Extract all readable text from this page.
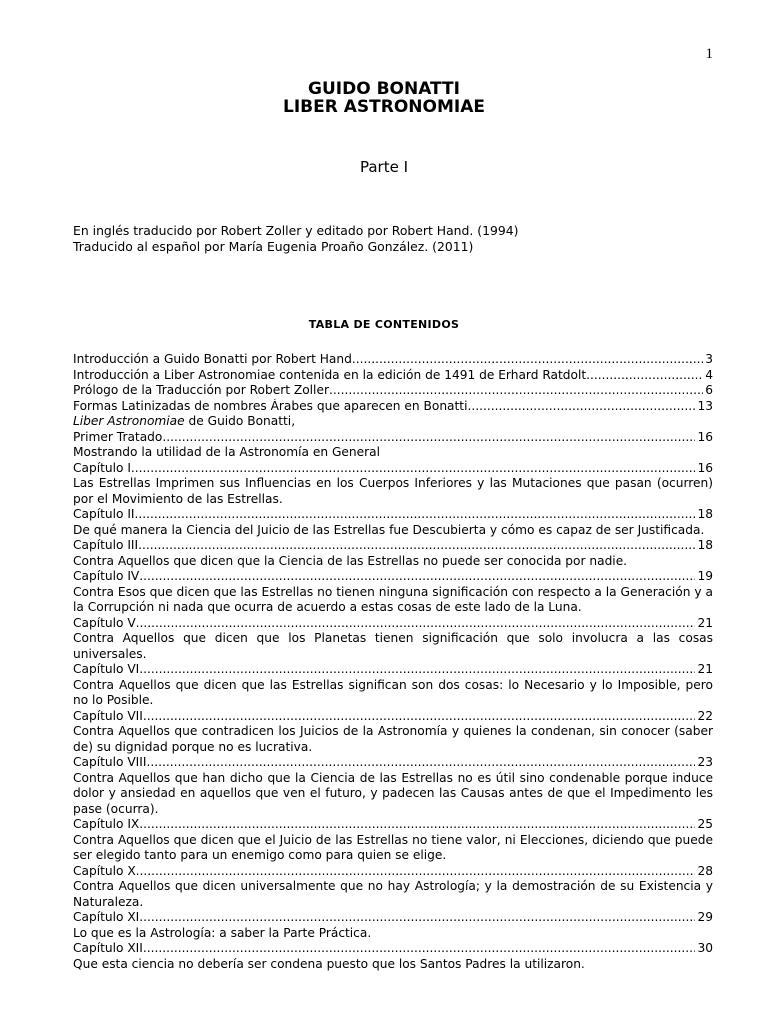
1
GUIDO BONATTI
LIBER ASTRONOMIAE
Parte I
En inglés traducido por Robert Zoller y editado por Robert Hand. (1994)
Traducido al español por María Eugenia Proaño González. (2011)
TABLA DE CONTENIDOS
Introducción a Guido Bonatti por Robert Hand .....	3
Introducción a Liber Astronomiae contenida en la edición de 1491 de Erhard Ratdolt .....	4
Prólogo de la Traducción por Robert Zoller .....	6
Formas Latinizadas de nombres Árabes que aparecen en Bonatti .....	13
Liber Astronomiae de Guido Bonatti,
Primer Tratado .....	16
Mostrando la utilidad de la Astronomía en General
Capítulo I .....	16
Las Estrellas Imprimen sus Influencias en los Cuerpos Inferiores y las Mutaciones que pasan (ocurren) por el Movimiento de las Estrellas.
Capítulo II .....	18
De qué manera la Ciencia del Juicio de las Estrellas fue Descubierta y cómo es capaz de ser Justificada.
Capítulo III .....	18
Contra Aquellos que dicen que la Ciencia de las Estrellas no puede ser conocida por nadie.
Capítulo IV .....	19
Contra Esos que dicen que las Estrellas no tienen ninguna significación con respecto a la Generación y a la Corrupción ni nada que ocurra de acuerdo a estas cosas de este lado de la Luna.
Capítulo V .....	21
Contra Aquellos que dicen que los Planetas tienen significación que solo involucra a las cosas universales.
Capítulo VI .....	21
Contra Aquellos que dicen que las Estrellas significan son dos cosas: lo Necesario y lo Imposible, pero no lo Posible.
Capítulo VII .....	22
Contra Aquellos que contradicen los Juicios de la Astronomía y quienes la condenan, sin conocer (saber de) su dignidad porque no es lucrativa.
Capítulo VIII .....	23
Contra Aquellos que han dicho que la Ciencia de las Estrellas no es útil sino condenable porque induce dolor y ansiedad en aquellos que ven el futuro, y padecen las Causas antes de que el Impedimento les pase (ocurra).
Capítulo IX .....	25
Contra Aquellos que dicen que el Juicio de las Estrellas no tiene valor, ni Elecciones, diciendo que puede ser elegido tanto para un enemigo como para quien se elige.
Capítulo X .....	28
Contra Aquellos que dicen universalmente que no hay Astrología; y la demostración de su Existencia y Naturaleza.
Capítulo XI .....	29
Lo que es la Astrología: a saber la Parte Práctica.
Capítulo XII .....	30
Que esta ciencia no debería ser condena puesto que los Santos Padres la utilizaron.
